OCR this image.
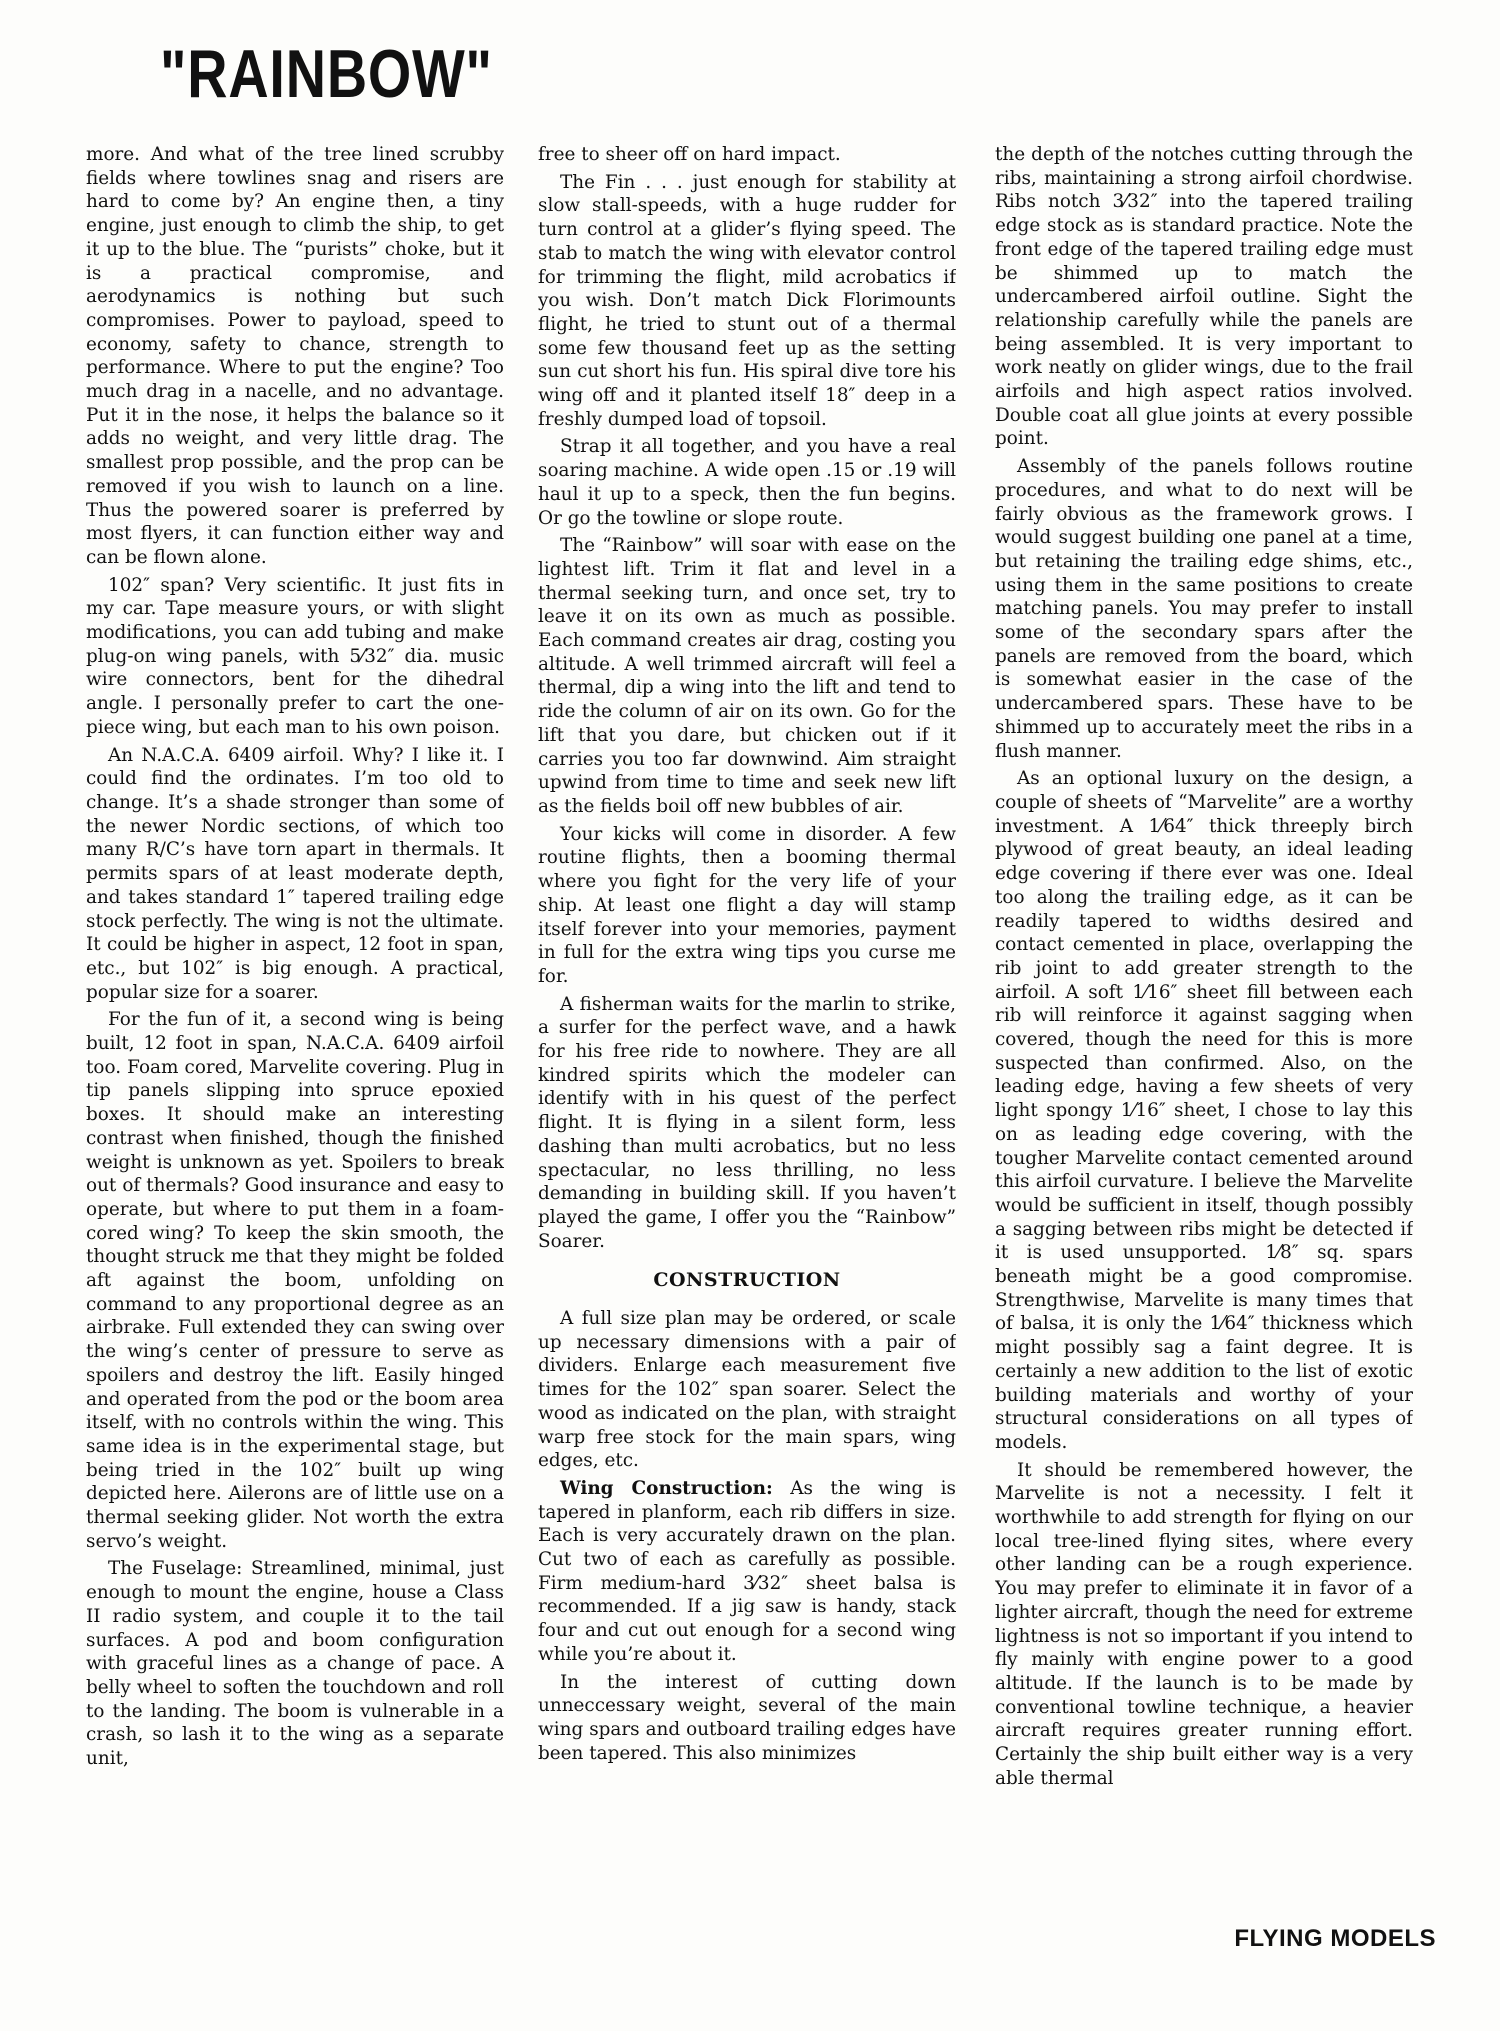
"RAINBOW"

more. And what of the tree lined scrubby fields where towlines snag and risers are hard to come by? An engine then, a tiny engine, just enough to climb the ship, to get it up to the blue. The “purists” choke, but it is a practical compromise, and aerodynamics is nothing but such compromises. Power to payload, speed to economy, safety to chance, strength to performance. Where to put the engine? Too much drag in a nacelle, and no advantage. Put it in the nose, it helps the balance so it adds no weight, and very little drag. The smallest prop possible, and the prop can be removed if you wish to launch on a line. Thus the powered soarer is preferred by most flyers, it can function either way and can be flown alone.

102″ span? Very scientific. It just fits in my car. Tape measure yours, or with slight modifications, you can add tubing and make plug-on wing panels, with 5⁄32″ dia. music wire connectors, bent for the dihedral angle. I personally prefer to cart the one-piece wing, but each man to his own poison.

An N.A.C.A. 6409 airfoil. Why? I like it. I could find the ordinates. I’m too old to change. It’s a shade stronger than some of the newer Nordic sections, of which too many R/C’s have torn apart in thermals. It permits spars of at least moderate depth, and takes standard 1″ tapered trailing edge stock perfectly. The wing is not the ultimate. It could be higher in aspect, 12 foot in span, etc., but 102″ is big enough. A practical, popular size for a soarer.

For the fun of it, a second wing is being built, 12 foot in span, N.A.C.A. 6409 airfoil too. Foam cored, Marvelite covering. Plug in tip panels slipping into spruce epoxied boxes. It should make an interesting contrast when finished, though the finished weight is unknown as yet. Spoilers to break out of thermals? Good insurance and easy to operate, but where to put them in a foam-cored wing? To keep the skin smooth, the thought struck me that they might be folded aft against the boom, unfolding on command to any proportional degree as an airbrake. Full extended they can swing over the wing’s center of pressure to serve as spoilers and destroy the lift. Easily hinged and operated from the pod or the boom area itself, with no controls within the wing. This same idea is in the experimental stage, but being tried in the 102″ built up wing depicted here. Ailerons are of little use on a thermal seeking glider. Not worth the extra servo’s weight.

The Fuselage: Streamlined, minimal, just enough to mount the engine, house a Class II radio system, and couple it to the tail surfaces. A pod and boom configuration with graceful lines as a change of pace. A belly wheel to soften the touchdown and roll to the landing. The boom is vulnerable in a crash, so lash it to the wing as a separate unit,

free to sheer off on hard impact.

The Fin . . . just enough for stability at slow stall-speeds, with a huge rudder for turn control at a glider’s flying speed. The stab to match the wing with elevator control for trimming the flight, mild acrobatics if you wish. Don’t match Dick Florimounts flight, he tried to stunt out of a thermal some few thousand feet up as the setting sun cut short his fun. His spiral dive tore his wing off and it planted itself 18″ deep in a freshly dumped load of topsoil.

Strap it all together, and you have a real soaring machine. A wide open .15 or .19 will haul it up to a speck, then the fun begins. Or go the towline or slope route.

The “Rainbow” will soar with ease on the lightest lift. Trim it flat and level in a thermal seeking turn, and once set, try to leave it on its own as much as possible. Each command creates air drag, costing you altitude. A well trimmed aircraft will feel a thermal, dip a wing into the lift and tend to ride the column of air on its own. Go for the lift that you dare, but chicken out if it carries you too far downwind. Aim straight upwind from time to time and seek new lift as the fields boil off new bubbles of air.

Your kicks will come in disorder. A few routine flights, then a booming thermal where you fight for the very life of your ship. At least one flight a day will stamp itself forever into your memories, payment in full for the extra wing tips you curse me for.

A fisherman waits for the marlin to strike, a surfer for the perfect wave, and a hawk for his free ride to nowhere. They are all kindred spirits which the modeler can identify with in his quest of the perfect flight. It is flying in a silent form, less dashing than multi acrobatics, but no less spectacular, no less thrilling, no less demanding in building skill. If you haven’t played the game, I offer you the “Rainbow” Soarer.

CONSTRUCTION

A full size plan may be ordered, or scale up necessary dimensions with a pair of dividers. Enlarge each measurement five times for the 102″ span soarer. Select the wood as indicated on the plan, with straight warp free stock for the main spars, wing edges, etc.

Wing Construction: As the wing is tapered in planform, each rib differs in size. Each is very accurately drawn on the plan. Cut two of each as carefully as possible. Firm medium-hard 3⁄32″ sheet balsa is recommended. If a jig saw is handy, stack four and cut out enough for a second wing while you’re about it.

In the interest of cutting down unneccessary weight, several of the main wing spars and outboard trailing edges have been tapered. This also minimizes

the depth of the notches cutting through the ribs, maintaining a strong airfoil chordwise. Ribs notch 3⁄32″ into the tapered trailing edge stock as is standard practice. Note the front edge of the tapered trailing edge must be shimmed up to match the undercambered airfoil outline. Sight the relationship carefully while the panels are being assembled. It is very important to work neatly on glider wings, due to the frail airfoils and high aspect ratios involved. Double coat all glue joints at every possible point.

Assembly of the panels follows routine procedures, and what to do next will be fairly obvious as the framework grows. I would suggest building one panel at a time, but retaining the trailing edge shims, etc., using them in the same positions to create matching panels. You may prefer to install some of the secondary spars after the panels are removed from the board, which is somewhat easier in the case of the undercambered spars. These have to be shimmed up to accurately meet the ribs in a flush manner.

As an optional luxury on the design, a couple of sheets of “Marvelite” are a worthy investment. A 1⁄64″ thick threeply birch plywood of great beauty, an ideal leading edge covering if there ever was one. Ideal too along the trailing edge, as it can be readily tapered to widths desired and contact cemented in place, overlapping the rib joint to add greater strength to the airfoil. A soft 1⁄16″ sheet fill between each rib will reinforce it against sagging when covered, though the need for this is more suspected than confirmed. Also, on the leading edge, having a few sheets of very light spongy 1⁄16″ sheet, I chose to lay this on as leading edge covering, with the tougher Marvelite contact cemented around this airfoil curvature. I believe the Marvelite would be sufficient in itself, though possibly a sagging between ribs might be detected if it is used unsupported. 1⁄8″ sq. spars beneath might be a good compromise. Strengthwise, Marvelite is many times that of balsa, it is only the 1⁄64″ thickness which might possibly sag a faint degree. It is certainly a new addition to the list of exotic building materials and worthy of your structural considerations on all types of models.

It should be remembered however, the Marvelite is not a necessity. I felt it worthwhile to add strength for flying on our local tree-lined flying sites, where every other landing can be a rough experience. You may prefer to eliminate it in favor of a lighter aircraft, though the need for extreme lightness is not so important if you intend to fly mainly with engine power to a good altitude. If the launch is to be made by conventional towline technique, a heavier aircraft requires greater running effort. Certainly the ship built either way is a very able thermal

FLYING MODELS
